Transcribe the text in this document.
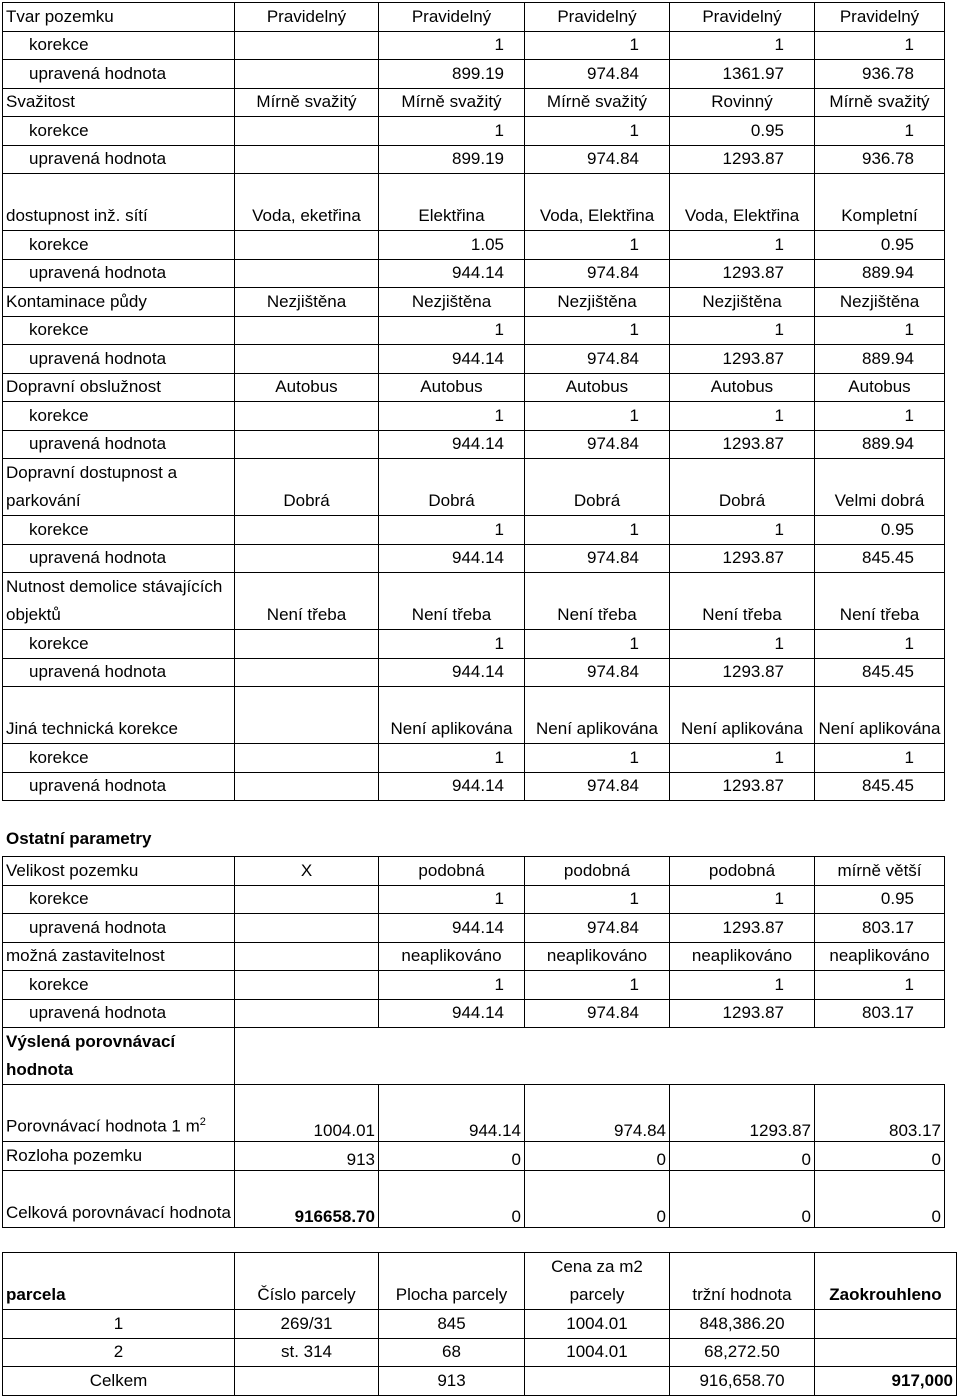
Tvar pozemku	Pravidelný	Pravidelný	Pravidelný	Pravidelný	Pravidelný
korekce		1	1	1	1
upravená hodnota		899.19	974.84	1361.97	936.78
Svažitost	Mírně svažitý	Mírně svažitý	Mírně svažitý	Rovinný	Mírně svažitý
korekce		1	1	0.95	1
upravená hodnota		899.19	974.84	1293.87	936.78
dostupnost inž. sítí	Voda, eketřina	Elektřina	Voda, Elektřina	Voda, Elektřina	Kompletní
korekce		1.05	1	1	0.95
upravená hodnota		944.14	974.84	1293.87	889.94
Kontaminace půdy	Nezjištěna	Nezjištěna	Nezjištěna	Nezjištěna	Nezjištěna
korekce		1	1	1	1
upravená hodnota		944.14	974.84	1293.87	889.94
Dopravní obslužnost	Autobus	Autobus	Autobus	Autobus	Autobus
korekce		1	1	1	1
upravená hodnota		944.14	974.84	1293.87	889.94
Dopravní dostupnost a parkování	Dobrá	Dobrá	Dobrá	Dobrá	Velmi dobrá
korekce		1	1	1	0.95
upravená hodnota		944.14	974.84	1293.87	845.45
Nutnost demolice stávajících objektů	Není třeba	Není třeba	Není třeba	Není třeba	Není třeba
korekce		1	1	1	1
upravená hodnota		944.14	974.84	1293.87	845.45
Jiná technická korekce		Není aplikována	Není aplikována	Není aplikována	Není aplikována
korekce		1	1	1	1
upravená hodnota		944.14	974.84	1293.87	845.45
Ostatní parametry
Velikost pozemku	X	podobná	podobná	podobná	mírně větší
korekce		1	1	1	0.95
upravená hodnota		944.14	974.84	1293.87	803.17
možná zastavitelnost		neaplikováno	neaplikováno	neaplikováno	neaplikováno
korekce		1	1	1	1
upravená hodnota		944.14	974.84	1293.87	803.17
Výslená porovnávací hodnota					
Porovnávací hodnota 1 $m^2$	1004.01	944.14	974.84	1293.87	803.17
Rozloha pozemku	913	0	0	0	0
Celková porovnávací hodnota	916658.70	0	0	0	0
parcela	Číslo parcely	Plocha parcely	Cena za m2 parcely	tržní hodnota	Zaokrouhleno
1	269/31	845	1004.01	848,386.20	
2	st. 314	68	1004.01	68,272.50	
Celkem		913		916,658.70	917,000
